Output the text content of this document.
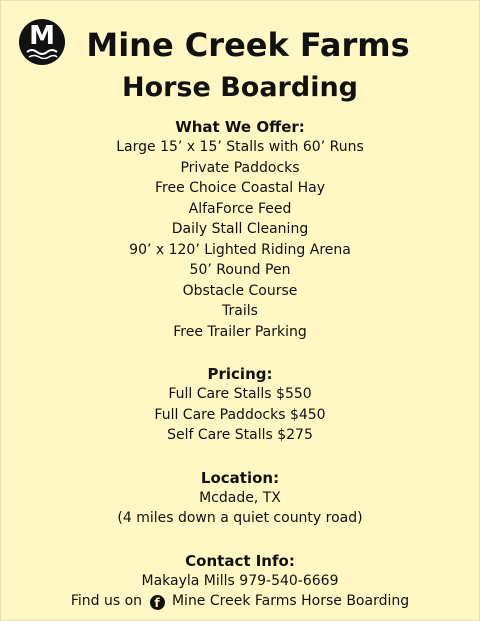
M Mine Creek Farms
Horse Boarding
What We Offer:
Large 15’ x 15’ Stalls with 60’ Runs
Private Paddocks
Free Choice Coastal Hay
AlfaForce Feed
Daily Stall Cleaning
90’ x 120’ Lighted Riding Arena
50’ Round Pen
Obstacle Course
Trails
Free Trailer Parking
Pricing:
Full Care Stalls $550
Full Care Paddocks $450
Self Care Stalls $275
Location:
Mcdade, TX
(4 miles down a quiet county road)
Contact Info:
Makayla Mills 979-540-6669
Find us on f Mine Creek Farms Horse Boarding
